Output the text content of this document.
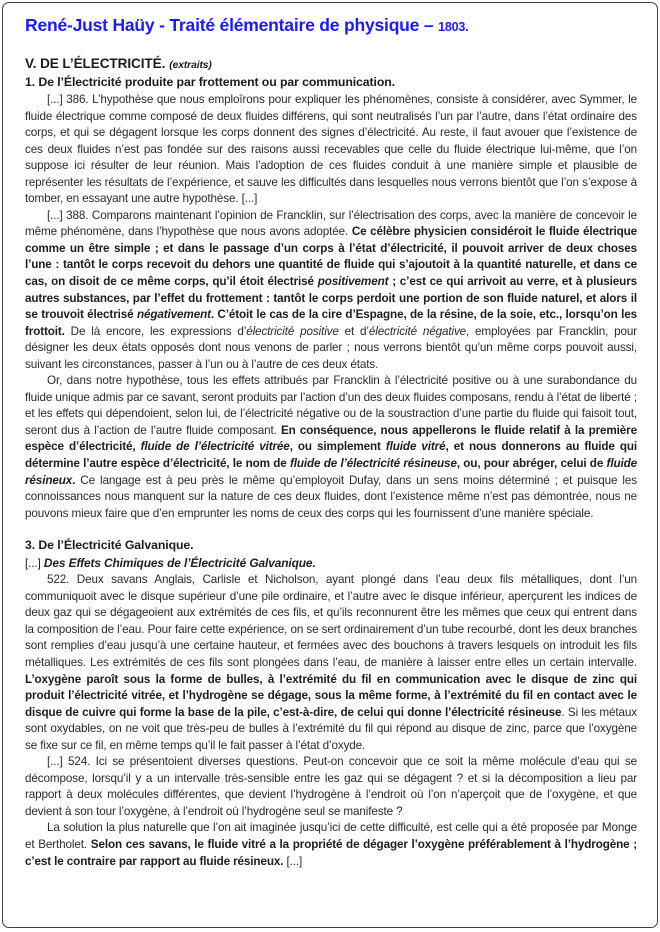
René-Just Haüy - Traité élémentaire de physique – 1803.
V. DE L’ÉLECTRICITÉ. (extraits)
1. De l’Électricité produite par frottement ou par communication.

[...] 386. L’hypothèse que nous emploîrons pour expliquer les phénomènes, consiste à considérer, avec Symmer, le fluide électrique comme composé de deux fluides différens, qui sont neutralisés l’un par l’autre, dans l’état ordinaire des corps, et qui se dégagent lorsque les corps donnent des signes d’électricité. Au reste, il faut avouer que l’existence de ces deux fluides n’est pas fondée sur des raisons aussi recevables que celle du fluide électrique lui-même, que l’on suppose ici résulter de leur réunion. Mais l’adoption de ces fluides conduit à une manière simple et plausible de représenter les résultats de l’expérience, et sauve les difficultés dans lesquelles nous verrons bientôt que l’on s’expose à tomber, en essayant une autre hypothèse. [...]

[...] 388. Comparons maintenant l’opinion de Francklin, sur l’électrisation des corps, avec la manière de concevoir le même phénomène, dans l’hypothèse que nous avons adoptée. Ce célèbre physicien considéroit le fluide électrique comme un être simple ; et dans le passage d’un corps à l’état d’électricité, il pouvoit arriver de deux choses l’une : tantôt le corps recevoit du dehors une quantité de fluide qui s’ajoutoit à la quantité naturelle, et dans ce cas, on disoit de ce même corps, qu’il étoit électrisé positivement ; c’est ce qui arrivoit au verre, et à plusieurs autres substances, par l’effet du frottement : tantôt le corps perdoit une portion de son fluide naturel, et alors il se trouvoit électrisé négativement. C’étoit le cas de la cire d’Espagne, de la résine, de la soie, etc., lorsqu’on les frottoit. De là encore, les expressions d’électricité positive et d’électricité négative, employées par Francklin, pour désigner les deux états opposés dont nous venons de parler ; nous verrons bientôt qu’un même corps pouvoit aussi, suivant les circonstances, passer à l’un ou à l’autre de ces deux états.

Or, dans notre hypothèse, tous les effets attribués par Francklin à l’électricité positive ou à une surabondance du fluide unique admis par ce savant, seront produits par l’action d’un des deux fluides composans, rendu à l’état de liberté ; et les effets qui dépendoient, selon lui, de l’électricité négative ou de la soustraction d’une partie du fluide qui faisoit tout, seront dus à l’action de l’autre fluide composant. En conséquence, nous appellerons le fluide relatif à la première espèce d’électricité, fluide de l’électricité vitrée, ou simplement fluide vitré, et nous donnerons au fluide qui détermine l’autre espèce d’électricité, le nom de fluide de l’électricité résineuse, ou, pour abréger, celui de fluide résineux. Ce langage est à peu près le même qu’employoit Dufay, dans un sens moins déterminé ; et puisque les connoissances nous manquent sur la nature de ces deux fluides, dont l’existence même n’est pas démontrée, nous ne pouvons mieux faire que d’en emprunter les noms de ceux des corps qui les fournissent d’une manière spéciale.

3. De l’Électricité Galvanique.
[...] Des Effets Chimiques de l’Électricité Galvanique.

522. Deux savans Anglais, Carlisle et Nicholson, ayant plongé dans l’eau deux fils métalliques, dont l’un communiquoit avec le disque supérieur d’une pile ordinaire, et l’autre avec le disque inférieur, aperçurent les indices de deux gaz qui se dégageoient aux extrémités de ces fils, et qu’ils reconnurent être les mêmes que ceux qui entrent dans la composition de l’eau. Pour faire cette expérience, on se sert ordinairement d’un tube recourbé, dont les deux branches sont remplies d’eau jusqu’à une certaine hauteur, et fermées avec des bouchons à travers lesquels on introduit les fils métalliques. Les extrémités de ces fils sont plongées dans l’eau, de manière à laisser entre elles un certain intervalle. L’oxygène paroît sous la forme de bulles, à l’extrémité du fil en communication avec le disque de zinc qui produit l’électricité vitrée, et l’hydrogène se dégage, sous la même forme, à l’extrémité du fil en contact avec le disque de cuivre qui forme la base de la pile, c’est-à-dire, de celui qui donne l’électricité résineuse. Si les métaux sont oxydables, on ne voit que très-peu de bulles à l’extrémité du fil qui répond au disque de zinc, parce que l’oxygène se fixe sur ce fil, en même temps qu’il le fait passer à l’état d’oxyde.

[...] 524. Ici se présentoient diverses questions. Peut-on concevoir que ce soit la même molécule d’eau qui se décompose, lorsqu’il y a un intervalle très-sensible entre les gaz qui se dégagent ? et si la décomposition a lieu par rapport à deux molécules différentes, que devient l’hydrogène à l’endroit où l’on n’aperçoit que de l’oxygène, et que devient à son tour l’oxygène, à l’endroit où l’hydrogène seul se manifeste ?

La solution la plus naturelle que l’on ait imaginée jusqu’ici de cette difficulté, est celle qui a été proposée par Monge et Bertholet. Selon ces savans, le fluide vitré a la propriété de dégager l’oxygène préférablement à l’hydrogène ; c’est le contraire par rapport au fluide résineux. [...]
